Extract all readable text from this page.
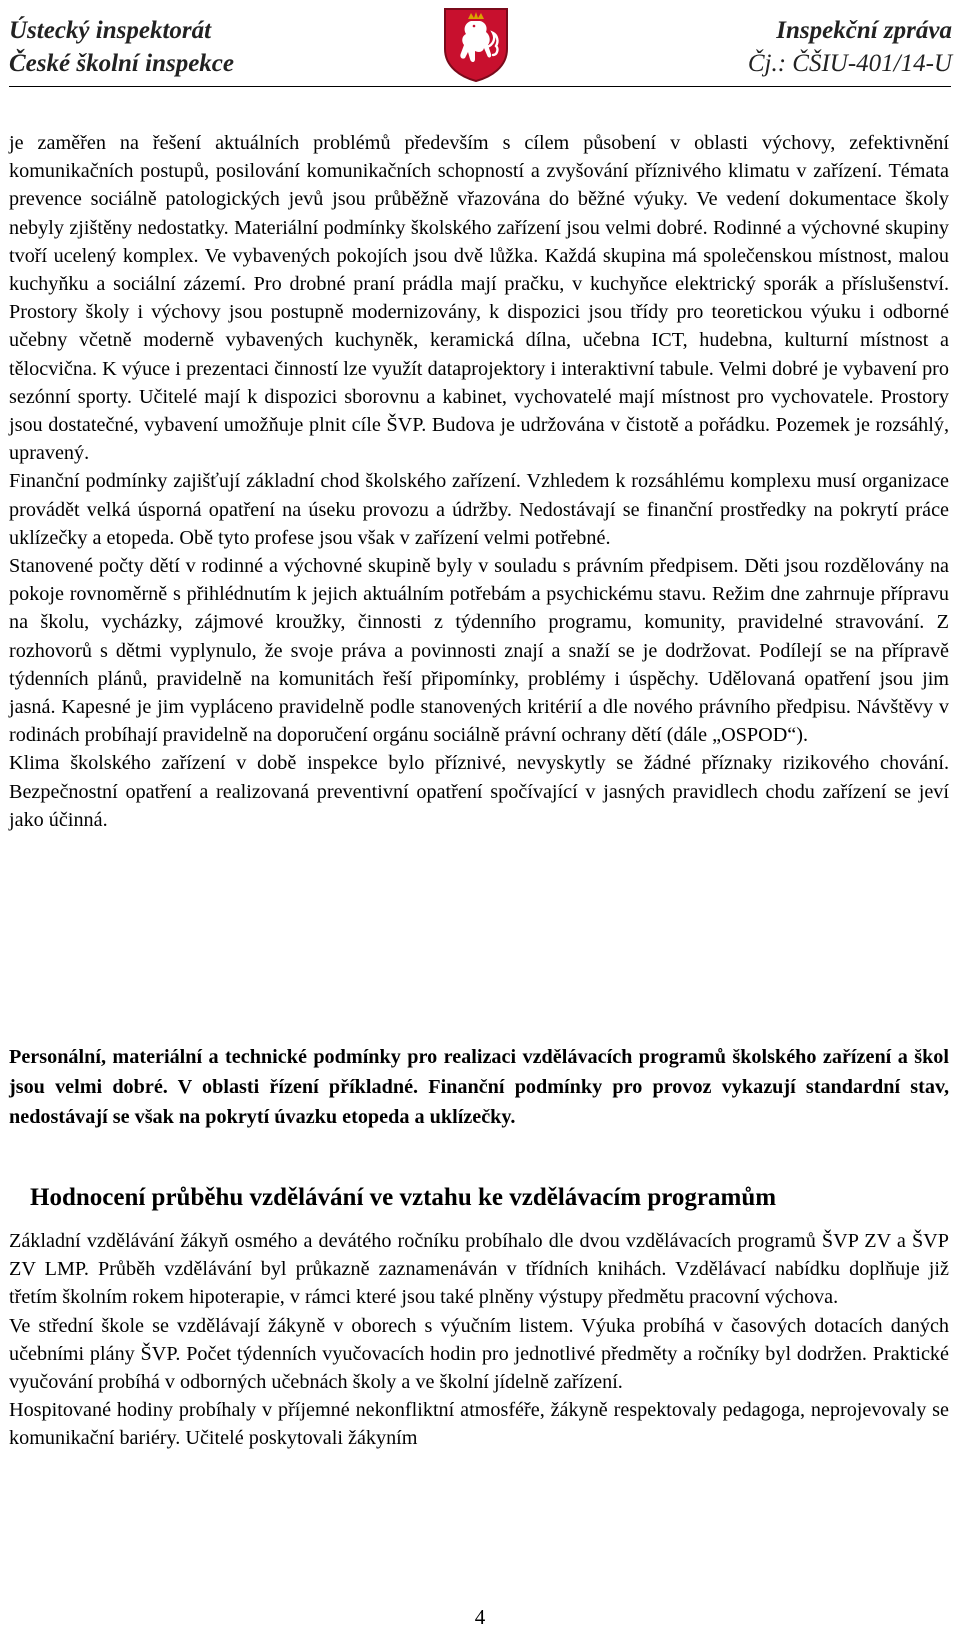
Ústecký inspektorát
České školní inspekce
Inspekční zpráva
Čj.: ČŠIU-401/14-U

je zaměřen na řešení aktuálních problémů především s cílem působení v oblasti výchovy, zefektivnění komunikačních postupů, posilování komunikačních schopností a zvyšování příznivého klimatu v zařízení. Témata prevence sociálně patologických jevů jsou průběžně vřazována do běžné výuky. Ve vedení dokumentace školy nebyly zjištěny nedostatky. Materiální podmínky školského zařízení jsou velmi dobré. Rodinné a výchovné skupiny tvoří ucelený komplex. Ve vybavených pokojích jsou dvě lůžka. Každá skupina má společenskou místnost, malou kuchyňku a sociální zázemí. Pro drobné praní prádla mají pračku, v kuchyňce elektrický sporák a příslušenství. Prostory školy i výchovy jsou postupně modernizovány, k dispozici jsou třídy pro teoretickou výuku i odborné učebny včetně moderně vybavených kuchyněk, keramická dílna, učebna ICT, hudebna, kulturní místnost a tělocvična. K výuce i prezentaci činností lze využít dataprojektory i interaktivní tabule. Velmi dobré je vybavení pro sezónní sporty. Učitelé mají k dispozici sborovnu a kabinet, vychovatelé mají místnost pro vychovatele. Prostory jsou dostatečné, vybavení umožňuje plnit cíle ŠVP. Budova je udržována v čistotě a pořádku. Pozemek je rozsáhlý, upravený.

Finanční podmínky zajišťují základní chod školského zařízení. Vzhledem k rozsáhlému komplexu musí organizace provádět velká úsporná opatření na úseku provozu a údržby. Nedostávají se finanční prostředky na pokrytí práce uklízečky a etopeda. Obě tyto profese jsou však v zařízení velmi potřebné.

Stanovené počty dětí v rodinné a výchovné skupině byly v souladu s právním předpisem. Děti jsou rozdělovány na pokoje rovnoměrně s přihlédnutím k jejich aktuálním potřebám a psychickému stavu. Režim dne zahrnuje přípravu na školu, vycházky, zájmové kroužky, činnosti z týdenního programu, komunity, pravidelné stravování. Z rozhovorů s dětmi vyplynulo, že svoje práva a povinnosti znají a snaží se je dodržovat. Podílejí se na přípravě týdenních plánů, pravidelně na komunitách řeší připomínky, problémy i úspěchy. Udělovaná opatření jsou jim jasná. Kapesné je jim vypláceno pravidelně podle stanovených kritérií a dle nového právního předpisu. Návštěvy v rodinách probíhají pravidelně na doporučení orgánu sociálně právní ochrany dětí (dále „OSPOD“).

Klima školského zařízení v době inspekce bylo příznivé, nevyskytly se žádné příznaky rizikového chování. Bezpečnostní opatření a realizovaná preventivní opatření spočívající v jasných pravidlech chodu zařízení se jeví jako účinná.

Personální, materiální a technické podmínky pro realizaci vzdělávacích programů školského zařízení a škol jsou velmi dobré. V oblasti řízení příkladné. Finanční podmínky pro provoz vykazují standardní stav, nedostávají se však na pokrytí úvazku etopeda a uklízečky.
Hodnocení průběhu vzdělávání ve vztahu ke vzdělávacím programům

Základní vzdělávání žákyň osmého a devátého ročníku probíhalo dle dvou vzdělávacích programů ŠVP ZV a ŠVP ZV LMP. Průběh vzdělávání byl průkazně zaznamenáván v třídních knihách. Vzdělávací nabídku doplňuje již třetím školním rokem hipoterapie, v rámci které jsou také plněny výstupy předmětu pracovní výchova.

Ve střední škole se vzdělávají žákyně v oborech s výučním listem. Výuka probíhá v časových dotacích daných učebními plány ŠVP. Počet týdenních vyučovacích hodin pro jednotlivé předměty a ročníky byl dodržen. Praktické vyučování probíhá v odborných učebnách školy a ve školní jídelně zařízení.

Hospitované hodiny probíhaly v příjemné nekonfliktní atmosféře, žákyně respektovaly pedagoga, neprojevovaly se komunikační bariéry. Učitelé poskytovali žákyním

4
